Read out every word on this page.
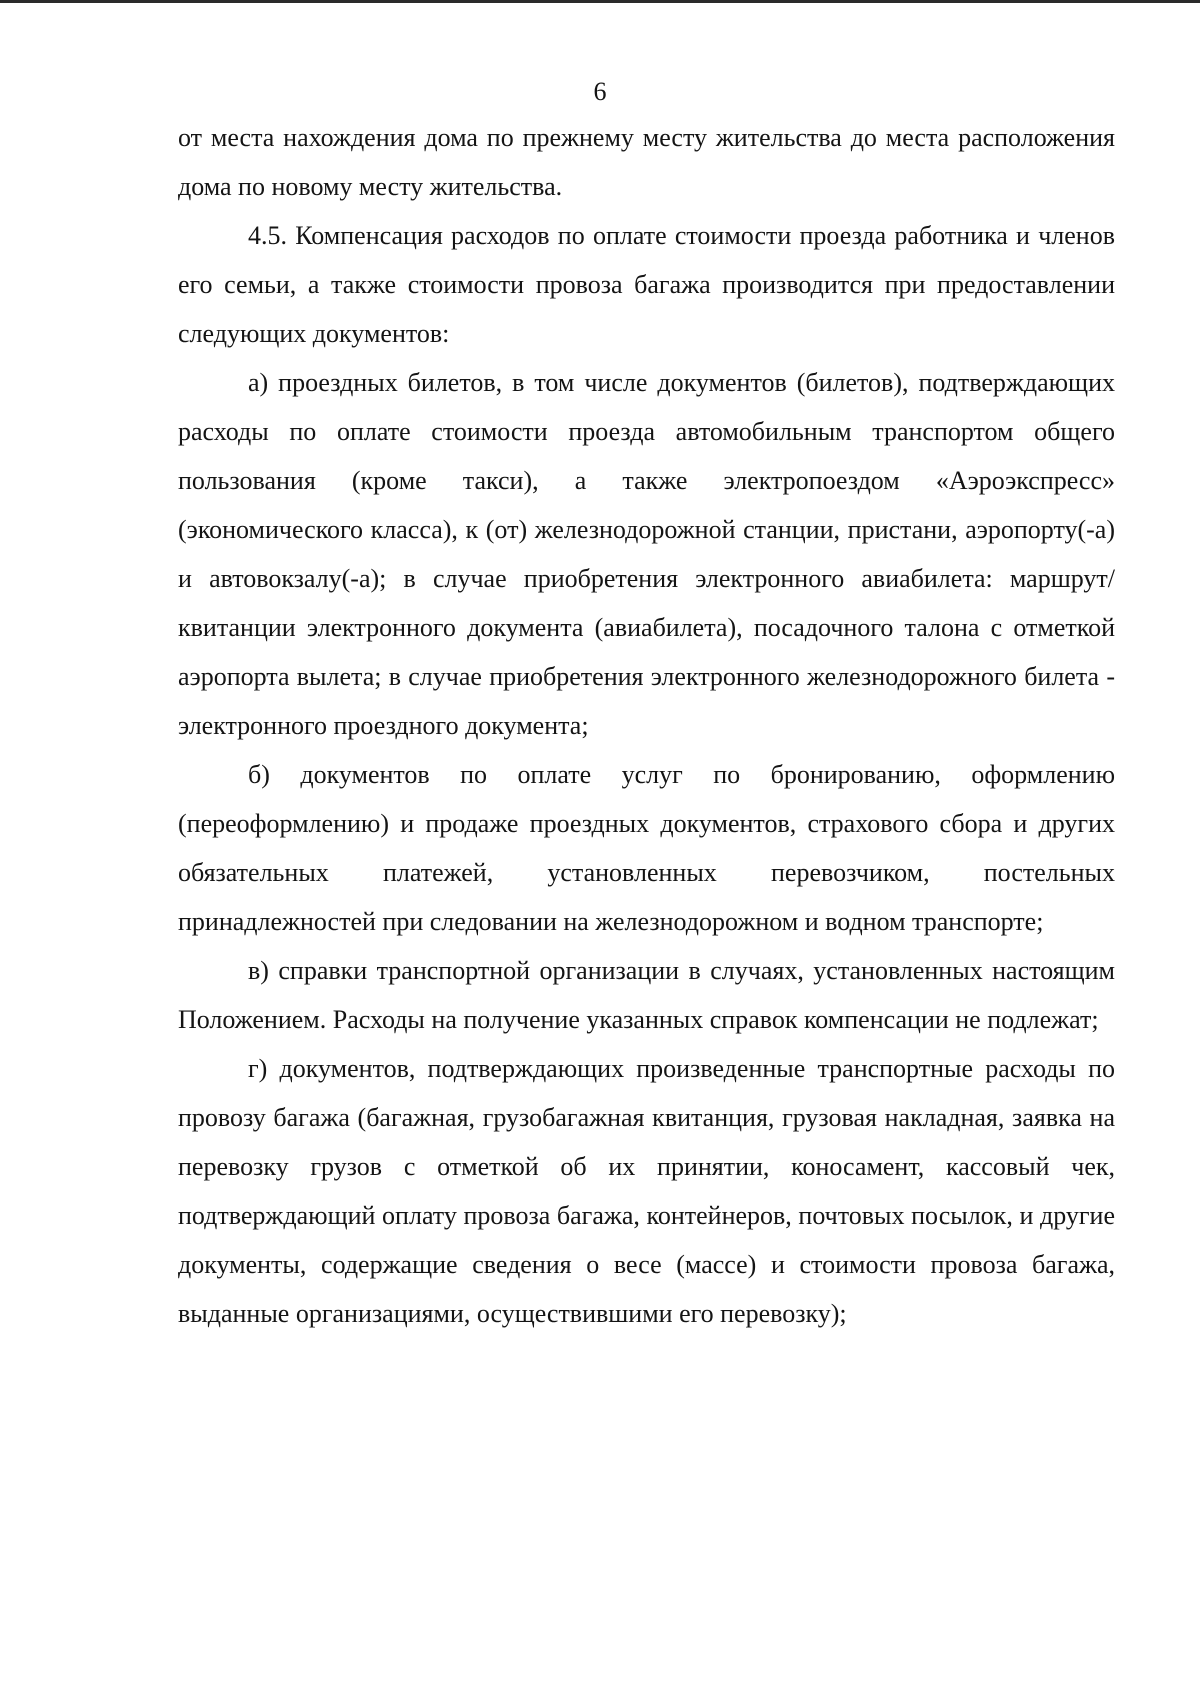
6

от места нахождения дома по прежнему месту жительства до места расположения дома по новому месту жительства.

4.5. Компенсация расходов по оплате стоимости проезда работника и членов его семьи, а также стоимости провоза багажа производится при предоставлении следующих документов:

а) проездных билетов, в том числе документов (билетов), подтверждающих расходы по оплате стоимости проезда автомобильным транспортом общего пользования (кроме такси), а также электропоездом «Аэроэкспресс» (экономического класса), к (от) железнодорожной станции, пристани, аэропорту(-а) и автовокзалу(-а); в случае приобретения электронного авиабилета: маршрут/квитанции электронного документа (авиабилета), посадочного талона с отметкой аэропорта вылета; в случае приобретения электронного железнодорожного билета - электронного проездного документа;

б) документов по оплате услуг по бронированию, оформлению (переоформлению) и продаже проездных документов, страхового сбора и других обязательных платежей, установленных перевозчиком, постельных принадлежностей при следовании на железнодорожном и водном транспорте;

в) справки транспортной организации в случаях, установленных настоящим Положением. Расходы на получение указанных справок компенсации не подлежат;

г) документов, подтверждающих произведенные транспортные расходы по провозу багажа (багажная, грузобагажная квитанция, грузовая накладная, заявка на перевозку грузов с отметкой об их принятии, коносамент, кассовый чек, подтверждающий оплату провоза багажа, контейнеров, почтовых посылок, и другие документы, содержащие сведения о весе (массе) и стоимости провоза багажа, выданные организациями, осуществившими его перевозку);
